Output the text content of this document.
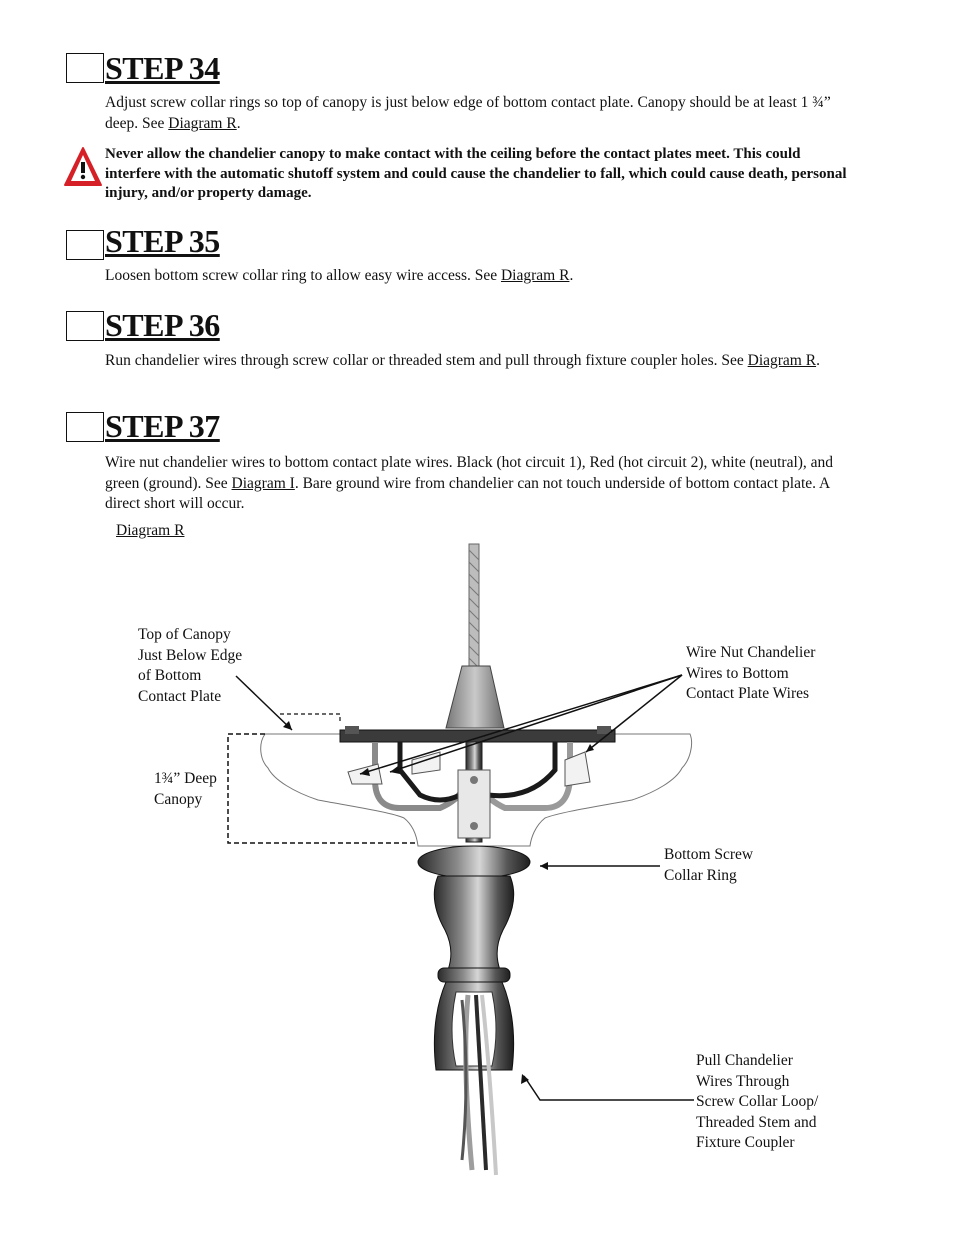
STEP 34
Adjust screw collar rings so top of canopy is just below edge of bottom contact plate. Canopy should be at least 1 ¾” deep. See Diagram R.
Never allow the chandelier canopy to make contact with the ceiling before the contact plates meet. This could interfere with the automatic shutoff system and could cause the chandelier to fall, which could cause death, personal injury, and/or property damage.
STEP 35
Loosen bottom screw collar ring to allow easy wire access. See Diagram R.
STEP 36
Run chandelier wires through screw collar or threaded stem and pull through fixture coupler holes. See Diagram R.
STEP 37
Wire nut chandelier wires to bottom contact plate wires. Black (hot circuit 1), Red (hot circuit 2), white (neutral), and green (ground). See Diagram I. Bare ground wire from chandelier can not touch underside of bottom contact plate. A direct short will occur.
Diagram R
Top of Canopy
Just Below Edge
of Bottom
Contact Plate
1¾” Deep
Canopy
Wire Nut Chandelier
Wires to Bottom
Contact Plate Wires
Bottom Screw
Collar Ring
Pull Chandelier
Wires Through
Screw Collar Loop/
Threaded Stem and
Fixture Coupler
